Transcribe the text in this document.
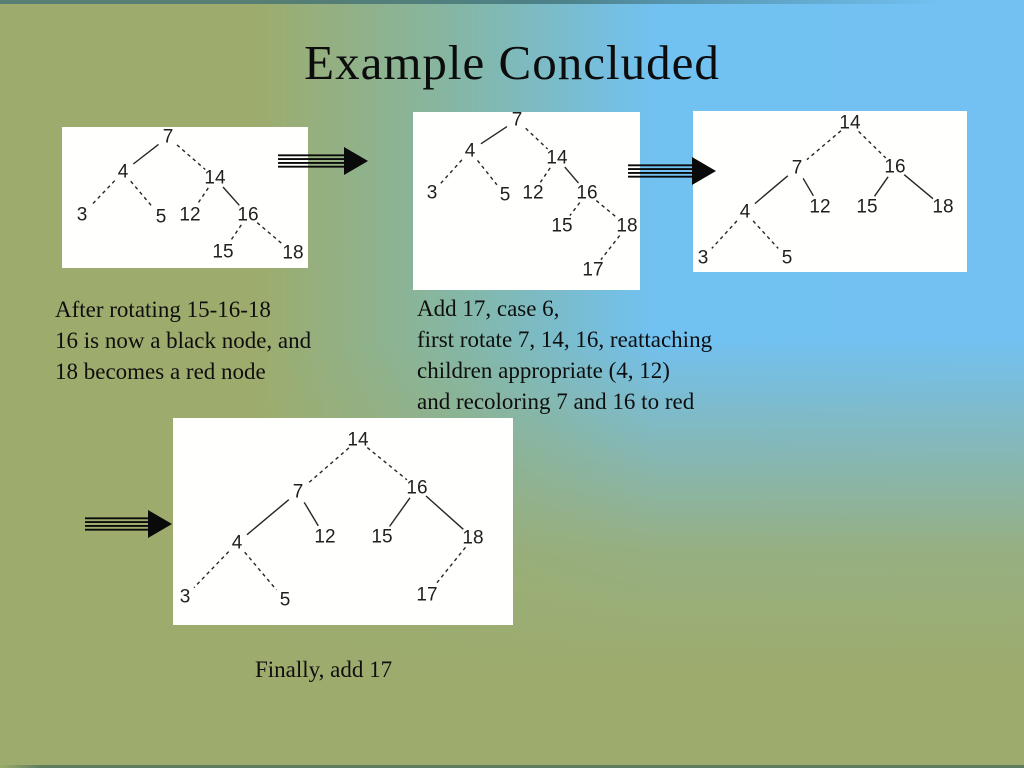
Example Concluded
After rotating 15-16-18
16 is now a black node, and
18 becomes a red node
Add 17, case 6,
first rotate 7, 14, 16, reattaching
children appropriate (4, 12)
and recoloring 7 and 16 to red
Finally, add 17
7
4	14
3	5 12 16
15	18
7
4	14
3	5 12 16
15 18
17
14
7	16
4	12 15	18
3	5
14
7	16
4	12 15	18
3	5	17
